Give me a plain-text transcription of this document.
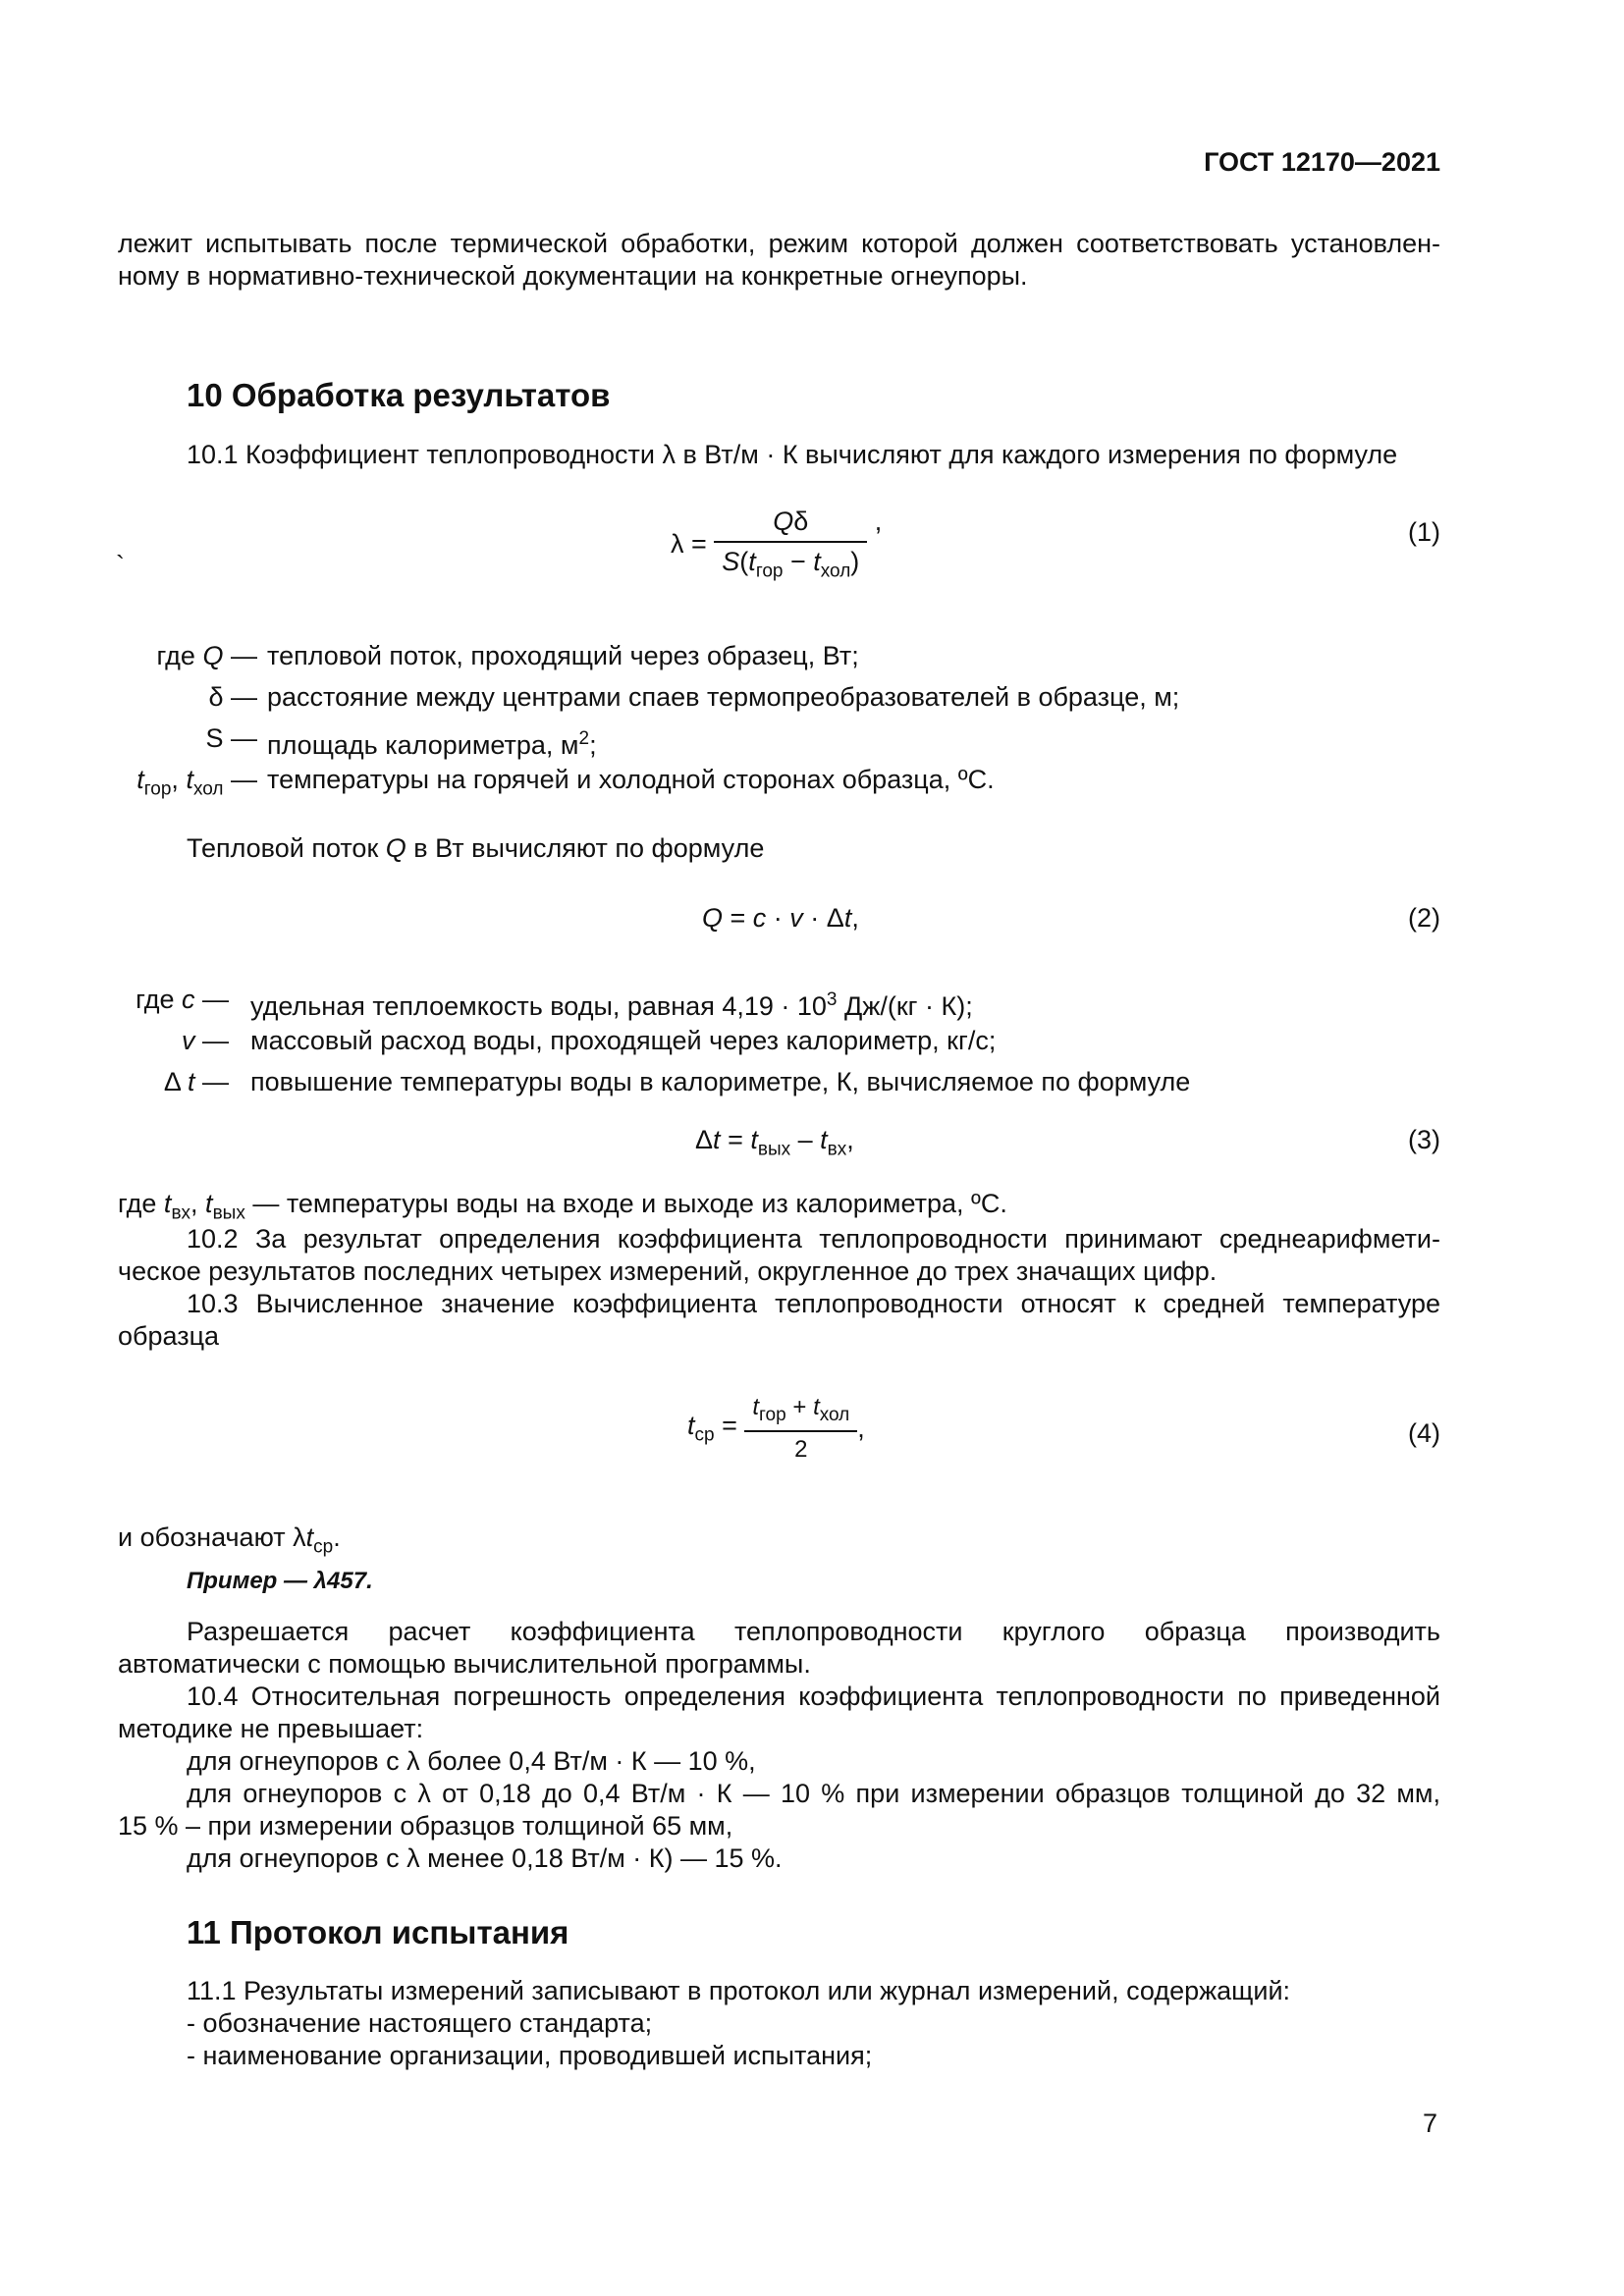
ГОСТ 12170—2021
лежит испытывать после термической обработки, режим которой должен соответствовать установлен-
ному в нормативно-технической документации на конкретные огнеупоры.
10 Обработка результатов
10.1 Коэффициент теплопроводности λ в Вт/м · К вычисляют для каждого измерения по формуле
`
$\lambda = \frac{Q\delta}{S(t_{гор} - t_{хол})}$ ,	(1)
где Q — тепловой поток, проходящий через образец, Вт;
δ — расстояние между центрами спаев термопреобразователей в образце, м;
S — площадь калориметра, $м^2$;
$t_{гор}$, $t_{хол}$ — температуры на горячей и холодной сторонах образца, ºС.
Тепловой поток Q в Вт вычисляют по формуле
Q = c · v · Δt,	(2)
где c — удельная теплоемкость воды, равная $4,19 \cdot 10^3$ Дж/(кг · К);
v — массовый расход воды, проходящей через калориметр, кг/с;
Δ t — повышение температуры воды в калориметре, К, вычисляемое по формуле
$\Delta t = t_{вых} - t_{вх}$,	(3)
где $t_{вх}$, $t_{вых}$ — температуры воды на входе и выходе из калориметра, ºС.
10.2 За результат определения коэффициента теплопроводности принимают среднеарифмети-
ческое результатов последних четырех измерений, округленное до трех значащих цифр.
10.3 Вычисленное значение коэффициента теплопроводности относят к средней температуре
образца
$t_{ср} = \frac{t_{гор} + t_{хол}}{2}$ ,	(4)
и обозначают $\lambda t_{ср}$.
Пример — λ457.
Разрешается расчет коэффициента теплопроводности круглого образца производить
автоматически с помощью вычислительной программы.
10.4 Относительная погрешность определения коэффициента теплопроводности по приведенной
методике не превышает:
для огнеупоров с λ более 0,4 Вт/м · К — 10 %,
для огнеупоров с λ от 0,18 до 0,4 Вт/м · К — 10 % при измерении образцов толщиной до 32 мм,
15 % – при измерении образцов толщиной 65 мм,
для огнеупоров с λ менее 0,18 Вт/м · К) — 15 %.
11 Протокол испытания
11.1 Результаты измерений записывают в протокол или журнал измерений, содержащий:
- обозначение настоящего стандарта;
- наименование организации, проводившей испытания;
7
